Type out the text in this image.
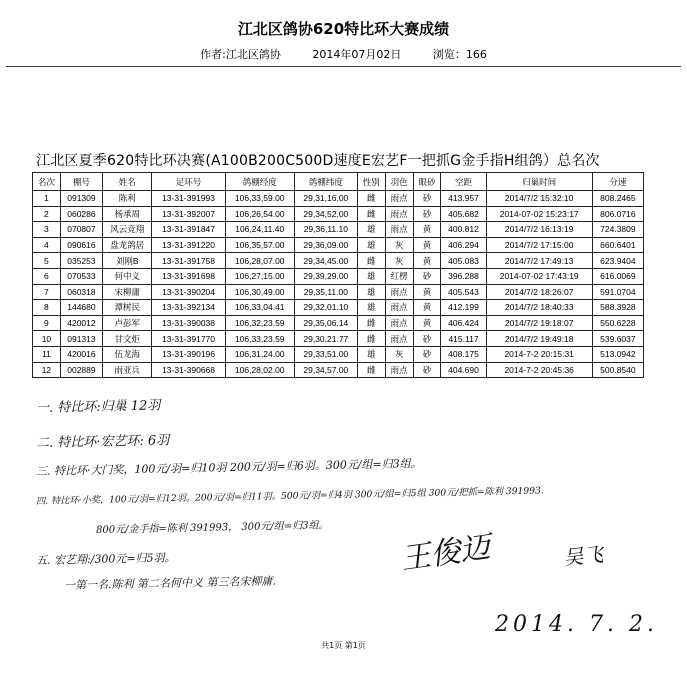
江北区鸽协620特比环大赛成绩
作者:江北区鸽协	2014年07月02日	浏览：166
江北区夏季620特比环决赛(A100B200C500D速度E宏艺F一把抓G金手指H组鸽）总名次
名次	棚号	姓名	足环号	鸽棚经度	鸽棚纬度	性别	羽色	眼砂	空距	归巢时间	分速
1	091309	陈利	13-31-391993	106,33,59.00	29,31,16.00	雌	雨点	砂	413.957	2014/7/2 15:32:10	808.2465
2	060286	杨承周	13-31-392007	106,26,54.00	29,34,52.00	雌	雨点	砂	405.682	2014-07-02 15:23:17	806.0716
3	070807	风云竞翔	13-31-391847	106,24,11.40	29,36,11.10	雄	雨点	黄	400.812	2014/7/2 16:13:19	724.3809
4	090616	盘龙鸽居	13-31-391220	106,35,57.00	29,36,09.00	雄	灰	黄	406.294	2014/7/2 17:15:00	660.6401
5	035253	刘刚B	13-31-391758	106,28,07.00	29,34,45.00	雌	灰	黄	405.083	2014/7/2 17:49:13	623.9404
6	070533	何中义	13-31-391698	106,27,15.00	29,39,29.00	雄	红楞	砂	396.288	2014-07-02 17:43:19	616.0069
7	060318	宋柳庸	13-31-390204	106,30,49.00	29,35,11.00	雄	雨点	黄	405.543	2014/7/2 18:26:07	591.0704
8	144680	谭树民	13-31-392134	106,33,04.41	29,32,01.10	雄	雨点	黄	412.199	2014/7/2 18:40:33	588.3928
9	420012	卢彭军	13-31-390038	106,32,23.59	29,35,06.14	雌	雨点	黄	406.424	2014/7/2 19:18:07	550.6228
10	091313	甘文炬	13-31-391770	106,33,23.59	29,30,21.77	雌	雨点	砂	415.117	2014/7/2 19:49:18	539.6037
11	420016	伍龙海	13-31-390196	106,31,24.00	29,33,51.00	雄	灰	砂	408.175	2014-7-2 20:15:31	513.0942
12	002889	雨亚兵	13-31-390668	106,28,02.00	29,34,57.00	雌	雨点	砂	404.690	2014-7-2 20:45:36	500.8540
一. 特比环:归巢 12羽
二. 特比环·宏艺环: 6羽
三. 特比环·大门奖，100元/羽=归10羽 200元/羽=归6羽。300元/组=归3组。
四. 特比环·小奖，100元/羽=归12羽。200元/羽=归11羽。500元/羽=归4羽 300元/组=归5组 300元/把抓=陈利 391993.
800元/金手指=陈利 391993， 300元/组=归3组。
五. 宏艺翔:/300元=归5羽。
一第一名.陈利 第二名何中义 第三名宋柳庸.
王俊迈	吴飞
2014. 7. 2.
共1页 第1页
